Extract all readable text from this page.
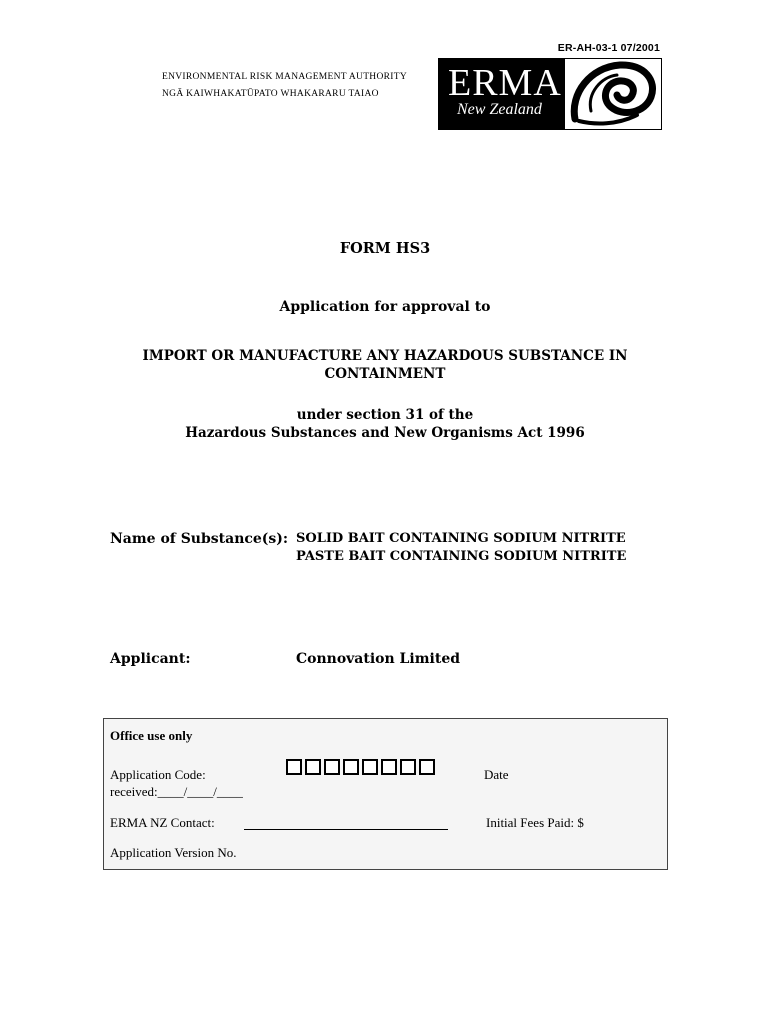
ER-AH-03-1 07/2001
ENVIRONMENTAL RISK MANAGEMENT AUTHORITY
NGĀ KAIWHAKATŪPATO WHAKARARU TAIAO ERMA
New Zealand
FORM HS3
Application for approval to
IMPORT OR MANUFACTURE ANY HAZARDOUS SUBSTANCE IN
CONTAINMENT
under section 31 of the
Hazardous Substances and New Organisms Act 1996
Name of Substance(s): SOLID BAIT CONTAINING SODIUM NITRITE
PASTE BAIT CONTAINING SODIUM NITRITE
Applicant:	Connovation Limited
Office use only
Application Code:	Date
received:____/____/____
ERMA NZ Contact:	Initial Fees Paid: $
Application Version No.
